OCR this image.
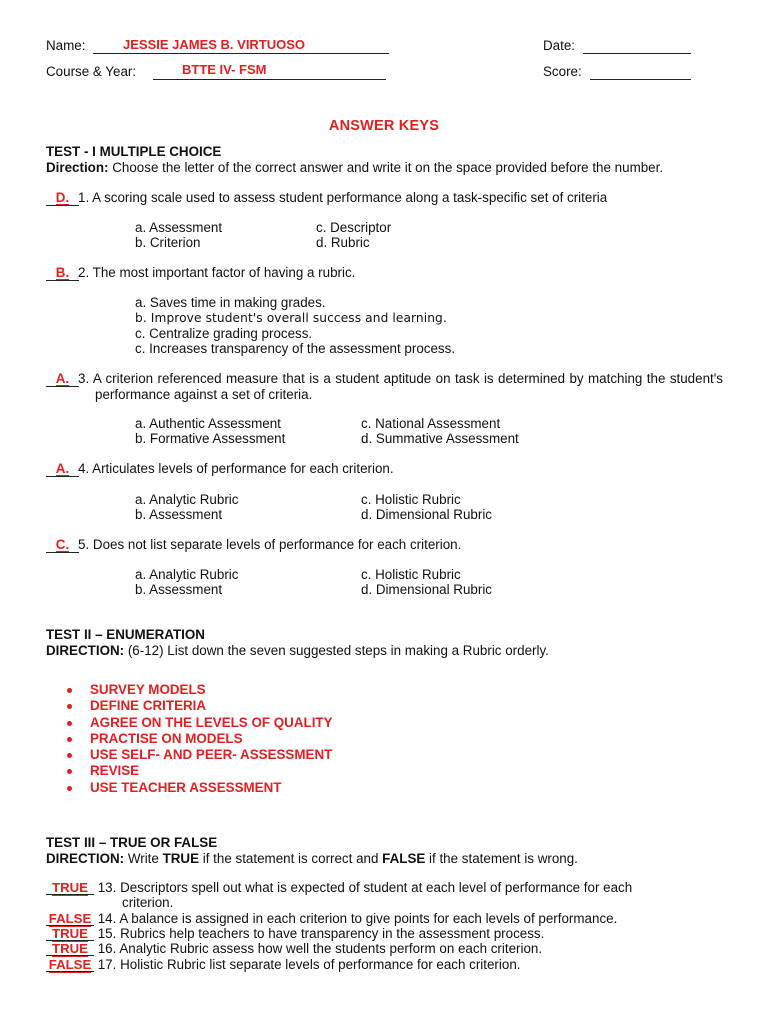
Name:	JESSIE JAMES B. VIRTUOSO	Date:
Course & Year:	BTTE IV- FSM	Score:
ANSWER KEYS
TEST - I MULTIPLE CHOICE
Direction: Choose the letter of the correct answer and write it on the space provided before the number.
D. 1. A scoring scale used to assess student performance along a task-specific set of criteria
a. Assessment	c. Descriptor
b. Criterion	d. Rubric
B. 2. The most important factor of having a rubric.
a. Saves time in making grades.
b. Improve student's overall success and learning.
c. Centralize grading process.
c. Increases transparency of the assessment process.
A. 3. A criterion referenced measure that is a student aptitude on task is determined by matching the student's performance against a set of criteria.
a. Authentic Assessment	c. National Assessment
b. Formative Assessment	d. Summative Assessment
A. 4. Articulates levels of performance for each criterion.
a. Analytic Rubric	c. Holistic Rubric
b. Assessment	d. Dimensional Rubric
C. 5. Does not list separate levels of performance for each criterion.
a. Analytic Rubric	c. Holistic Rubric
b. Assessment	d. Dimensional Rubric
TEST II – ENUMERATION
DIRECTION: (6-12) List down the seven suggested steps in making a Rubric orderly.
SURVEY MODELS
DEFINE CRITERIA
AGREE ON THE LEVELS OF QUALITY
PRACTISE ON MODELS
USE SELF- AND PEER- ASSESSMENT
REVISE
USE TEACHER ASSESSMENT
TEST III – TRUE OR FALSE
DIRECTION: Write TRUE if the statement is correct and FALSE if the statement is wrong.
TRUE 13. Descriptors spell out what is expected of student at each level of performance for each
criterion.
FALSE 14. A balance is assigned in each criterion to give points for each levels of performance.
TRUE 15. Rubrics help teachers to have transparency in the assessment process.
TRUE 16. Analytic Rubric assess how well the students perform on each criterion.
FALSE 17. Holistic Rubric list separate levels of performance for each criterion.
